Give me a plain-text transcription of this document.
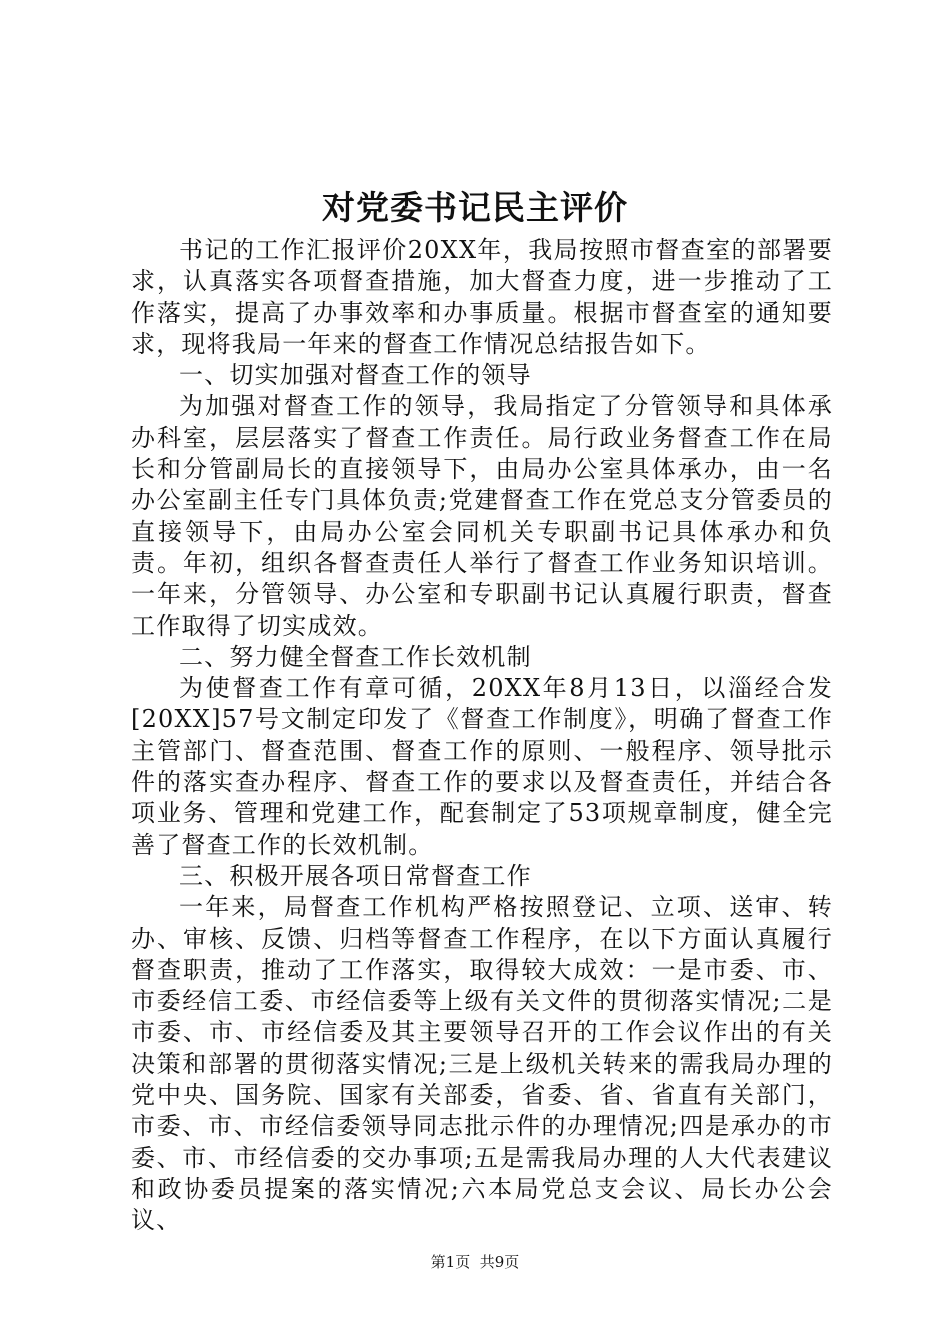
对党委书记民主评价

书记的工作汇报评价20XX年，我局按照市督查室的部署要求，认真落实各项督查措施，加大督查力度，进一步推动了工作落实，提高了办事效率和办事质量。根据市督查室的通知要求，现将我局一年来的督查工作情况总结报告如下。

一、切实加强对督查工作的领导

为加强对督查工作的领导，我局指定了分管领导和具体承办科室，层层落实了督查工作责任。局行政业务督查工作在局长和分管副局长的直接领导下，由局办公室具体承办，由一名办公室副主任专门具体负责;党建督查工作在党总支分管委员的直接领导下，由局办公室会同机关专职副书记具体承办和负责。年初，组织各督查责任人举行了督查工作业务知识培训。一年来，分管领导、办公室和专职副书记认真履行职责，督查工作取得了切实成效。

二、努力健全督查工作长效机制

为使督查工作有章可循，20XX年8月13日，以淄经合发[20XX]57号文制定印发了《督查工作制度》，明确了督查工作主管部门、督查范围、督查工作的原则、一般程序、领导批示件的落实查办程序、督查工作的要求以及督查责任，并结合各项业务、管理和党建工作，配套制定了53项规章制度，健全完善了督查工作的长效机制。

三、积极开展各项日常督查工作

一年来，局督查工作机构严格按照登记、立项、送审、转办、审核、反馈、归档等督查工作程序，在以下方面认真履行督查职责，推动了工作落实，取得较大成效：一是市委、市、市委经信工委、市经信委等上级有关文件的贯彻落实情况;二是市委、市、市经信委及其主要领导召开的工作会议作出的有关决策和部署的贯彻落实情况;三是上级机关转来的需我局办理的党中央、国务院、国家有关部委，省委、省、省直有关部门，市委、市、市经信委领导同志批示件的办理情况;四是承办的市委、市、市经信委的交办事项;五是需我局办理的人大代表建议和政协委员提案的落实情况;六本局党总支会议、局长办公会议、

第1页 共9页
